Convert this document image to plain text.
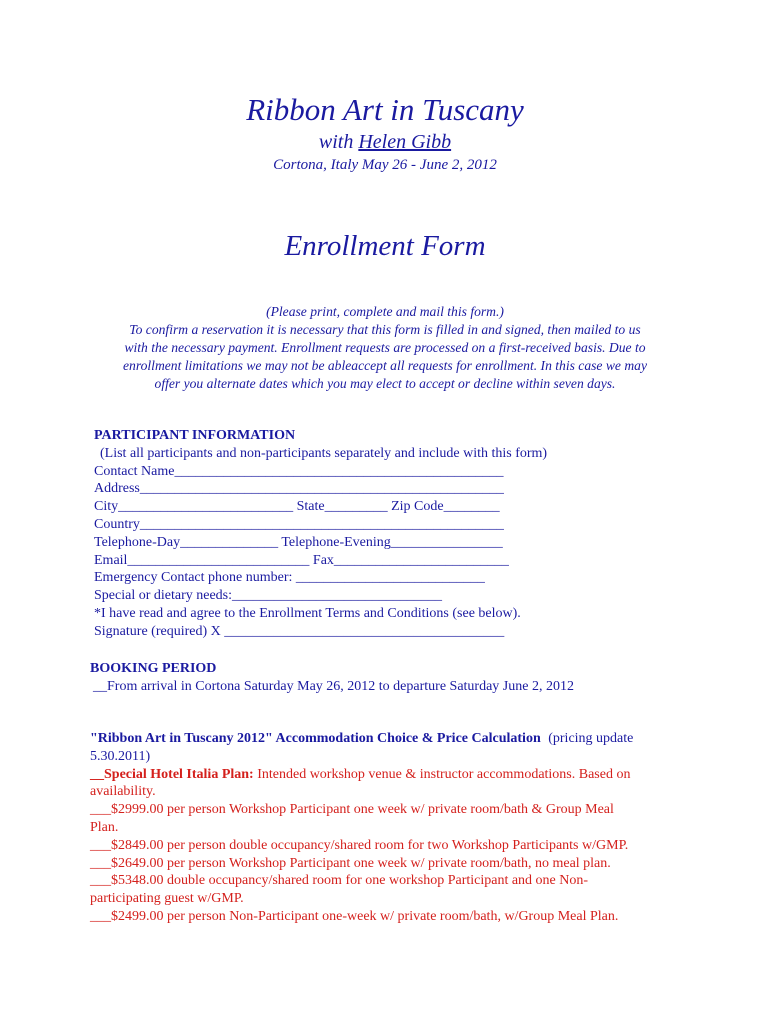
Ribbon Art in Tuscany
with Helen Gibb
Cortona, Italy May 26 - June 2, 2012
Enrollment Form
(Please print, complete and mail this form.)
To confirm a reservation it is necessary that this form is filled in and signed, then mailed to us
with the necessary payment. Enrollment requests are processed on a first-received basis. Due to
enrollment limitations we may not be ableaccept all requests for enrollment. In this case we may
offer you alternate dates which you may elect to accept or decline within seven days.
PARTICIPANT INFORMATION
(List all participants and non-participants separately and include with this form)
Contact Name_______________________________________________
Address____________________________________________________
City_________________________ State_________ Zip Code________
Country____________________________________________________
Telephone-Day______________ Telephone-Evening________________
Email__________________________ Fax_________________________
Emergency Contact phone number: ___________________________
Special or dietary needs:______________________________
*I have read and agree to the Enrollment Terms and Conditions (see below).
Signature (required) X ________________________________________
BOOKING PERIOD
__From arrival in Cortona Saturday May 26, 2012 to departure Saturday June 2, 2012
"Ribbon Art in Tuscany 2012" Accommodation Choice & Price Calculation (pricing update
5.30.2011)
__Special Hotel Italia Plan: Intended workshop venue & instructor accommodations. Based on
availability.
___$2999.00 per person Workshop Participant one week w/ private room/bath & Group Meal
Plan.
___$2849.00 per person double occupancy/shared room for two Workshop Participants w/GMP.
___$2649.00 per person Workshop Participant one week w/ private room/bath, no meal plan.
___$5348.00 double occupancy/shared room for one workshop Participant and one Non-
participating guest w/GMP.
___$2499.00 per person Non-Participant one-week w/ private room/bath, w/Group Meal Plan.
